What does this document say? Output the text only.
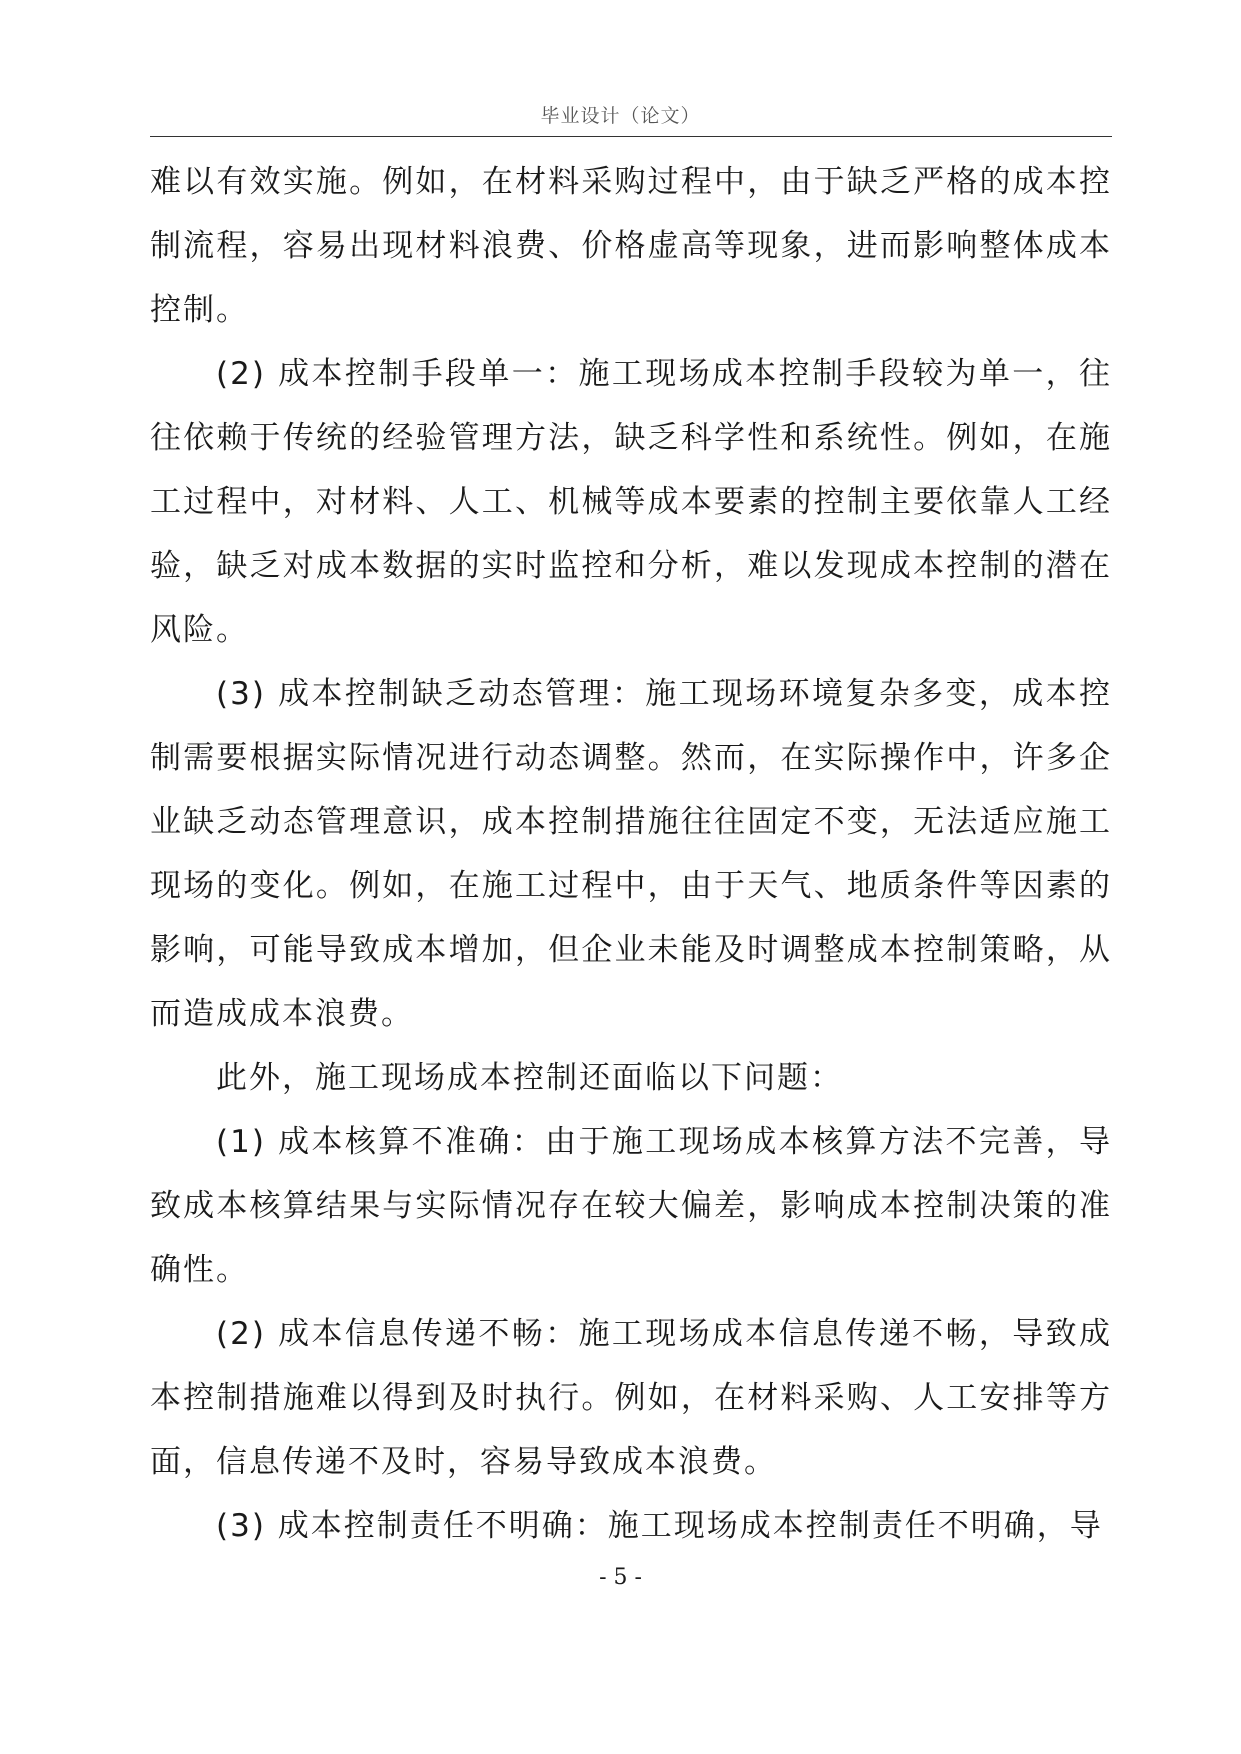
毕业设计（论文）

难以有效实施。例如，在材料采购过程中，由于缺乏严格的成本控制流程，容易出现材料浪费、价格虚高等现象，进而影响整体成本控制。

(2) 成本控制手段单一：施工现场成本控制手段较为单一，往往依赖于传统的经验管理方法，缺乏科学性和系统性。例如，在施工过程中，对材料、人工、机械等成本要素的控制主要依靠人工经验，缺乏对成本数据的实时监控和分析，难以发现成本控制的潜在风险。

(3) 成本控制缺乏动态管理：施工现场环境复杂多变，成本控制需要根据实际情况进行动态调整。然而，在实际操作中，许多企业缺乏动态管理意识，成本控制措施往往固定不变，无法适应施工现场的变化。例如，在施工过程中，由于天气、地质条件等因素的影响，可能导致成本增加，但企业未能及时调整成本控制策略，从而造成成本浪费。

此外，施工现场成本控制还面临以下问题：

(1) 成本核算不准确：由于施工现场成本核算方法不完善，导致成本核算结果与实际情况存在较大偏差，影响成本控制决策的准确性。

(2) 成本信息传递不畅：施工现场成本信息传递不畅，导致成本控制措施难以得到及时执行。例如，在材料采购、人工安排等方面，信息传递不及时，容易导致成本浪费。

(3) 成本控制责任不明确：施工现场成本控制责任不明确，导

- 5 -
